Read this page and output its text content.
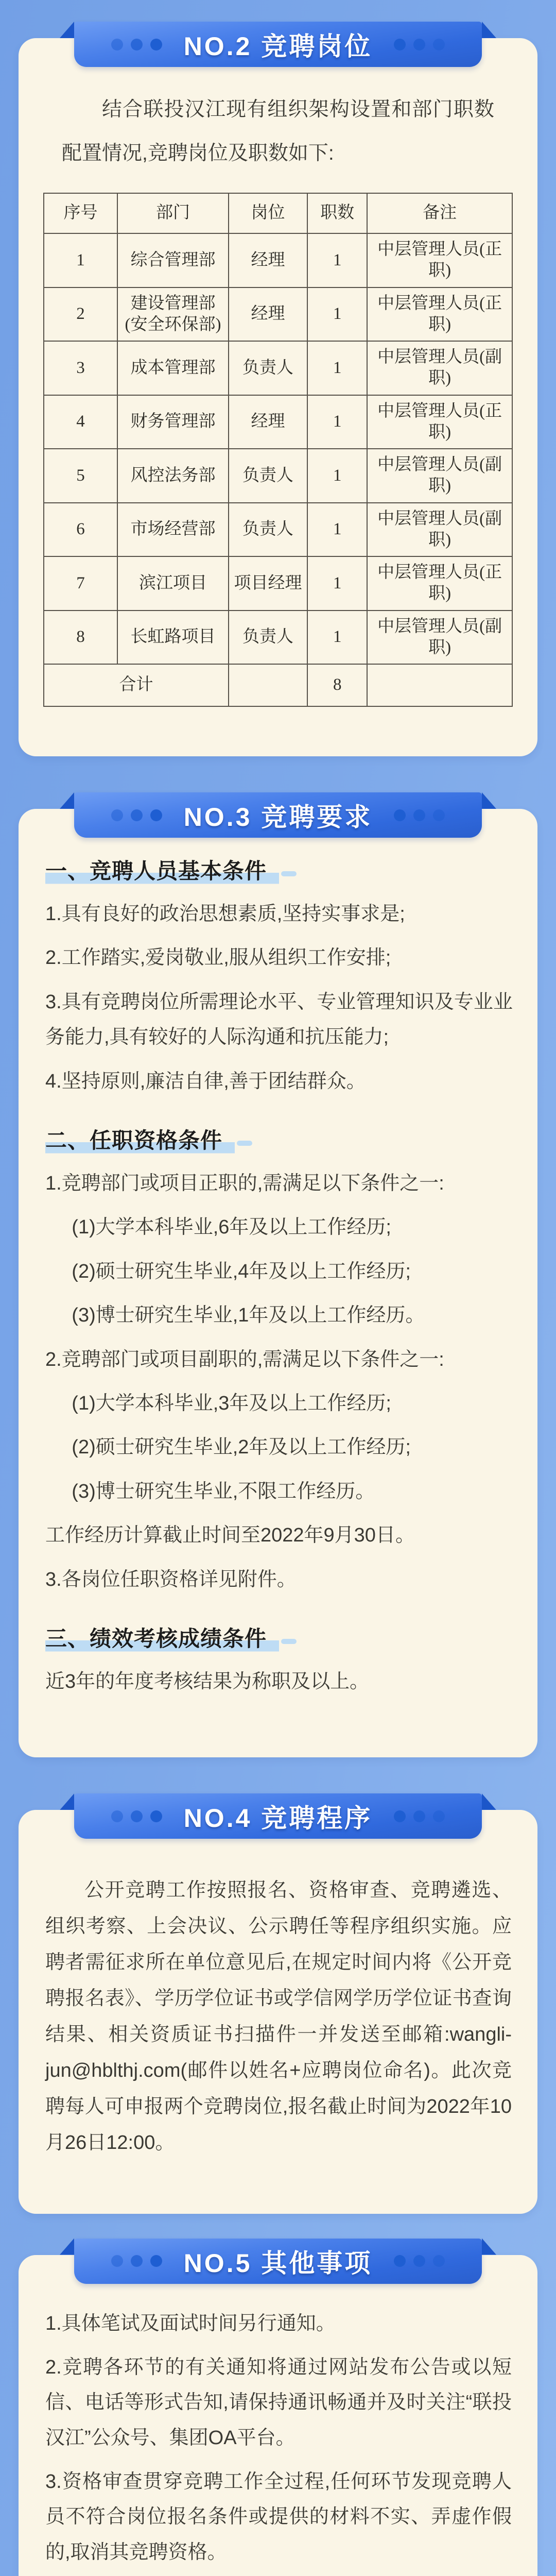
NO.2 竞聘岗位

结合联投汉江现有组织架构设置和部门职数配置情况,竞聘岗位及职数如下:

序号	部门	岗位	职数	备注
1	综合管理部	经理	1	中层管理人员(正职)
2	建设管理部(安全环保部)	经理	1	中层管理人员(正职)
3	成本管理部	负责人	1	中层管理人员(副职)
4	财务管理部	经理	1	中层管理人员(正职)
5	风控法务部	负责人	1	中层管理人员(副职)
6	市场经营部	负责人	1	中层管理人员(副职)
7	滨江项目	项目经理	1	中层管理人员(正职)
8	长虹路项目	负责人	1	中层管理人员(副职)
合计			8	
NO.3 竞聘要求
一、竞聘人员基本条件

1.具有良好的政治思想素质,坚持实事求是;

2.工作踏实,爱岗敬业,服从组织工作安排;

3.具有竞聘岗位所需理论水平、专业管理知识及专业业务能力,具有较好的人际沟通和抗压能力;

4.坚持原则,廉洁自律,善于团结群众。

二、任职资格条件

1.竞聘部门或项目正职的,需满足以下条件之一:

(1)大学本科毕业,6年及以上工作经历;

(2)硕士研究生毕业,4年及以上工作经历;

(3)博士研究生毕业,1年及以上工作经历。

2.竞聘部门或项目副职的,需满足以下条件之一:

(1)大学本科毕业,3年及以上工作经历;

(2)硕士研究生毕业,2年及以上工作经历;

(3)博士研究生毕业,不限工作经历。

工作经历计算截止时间至2022年9月30日。

3.各岗位任职资格详见附件。

三、绩效考核成绩条件

近3年的年度考核结果为称职及以上。

NO.4 竞聘程序

公开竞聘工作按照报名、资格审查、竞聘遴选、组织考察、上会决议、公示聘任等程序组织实施。应聘者需征求所在单位意见后,在规定时间内将《公开竞聘报名表》、学历学位证书或学信网学历学位证书查询结果、相关资质证书扫描件一并发送至邮箱:wangli-jun@hblthj.com(邮件以姓名+应聘岗位命名)。此次竞聘每人可申报两个竞聘岗位,报名截止时间为2022年10月26日12:00。

NO.5 其他事项

1.具体笔试及面试时间另行通知。

2.竞聘各环节的有关通知将通过网站发布公告或以短信、电话等形式告知,请保持通讯畅通并及时关注“联投汉江”公众号、集团OA平台。

3.资格审查贯穿竞聘工作全过程,任何环节发现竞聘人员不符合岗位报名条件或提供的材料不实、弄虚作假的,取消其竞聘资格。
